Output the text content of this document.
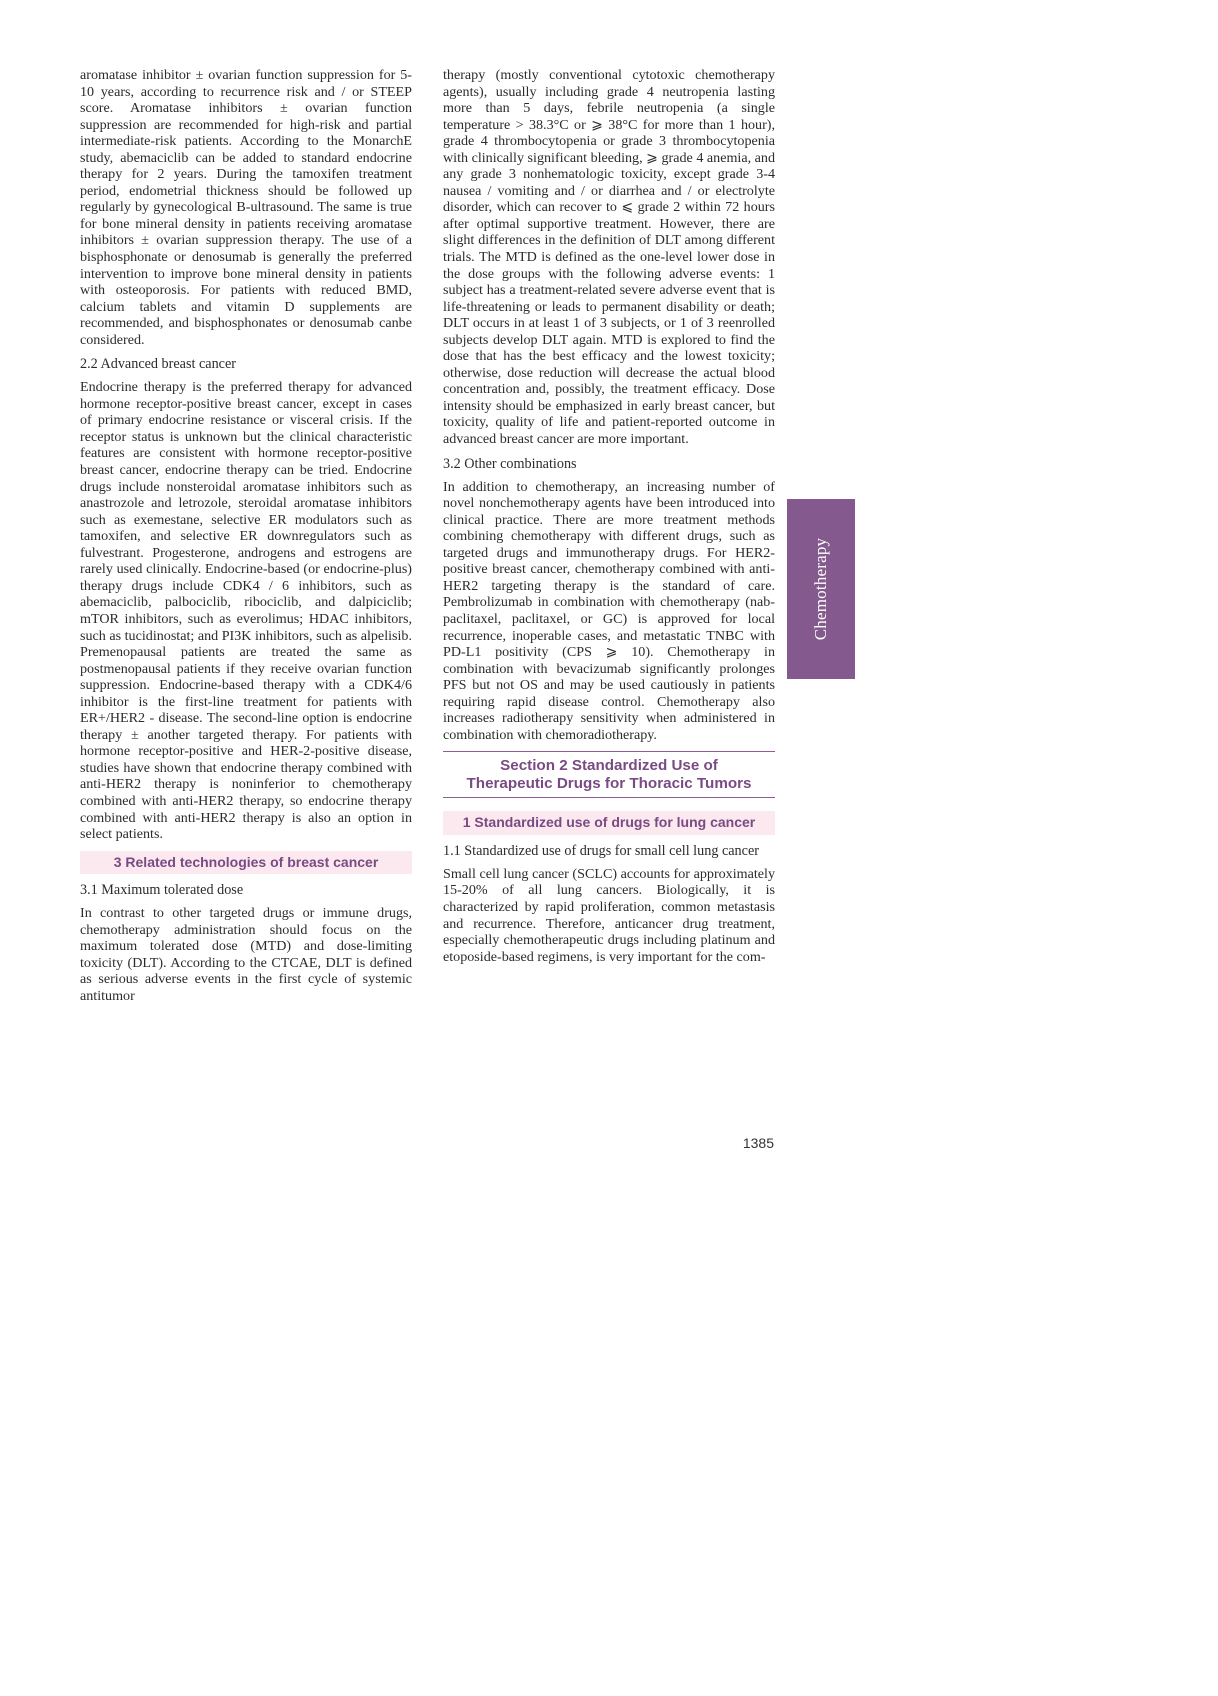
aromatase inhibitor ± ovarian function suppression for 5-10 years, according to recurrence risk and / or STEEP score. Aromatase inhibitors ± ovarian function suppression are recommended for high-risk and partial intermediate-risk patients. According to the MonarchE study, abemaciclib can be added to standard endocrine therapy for 2 years. During the tamoxifen treatment period, endometrial thickness should be followed up regularly by gynecological B-ultrasound. The same is true for bone mineral density in patients receiving aromatase inhibitors ± ovarian suppression therapy. The use of a bisphosphonate or denosumab is generally the preferred intervention to improve bone mineral density in patients with osteoporosis. For patients with reduced BMD, calcium tablets and vitamin D supplements are recommended, and bisphosphonates or denosumab canbe considered.

2.2 Advanced breast cancer

Endocrine therapy is the preferred therapy for advanced hormone receptor-positive breast cancer, except in cases of primary endocrine resistance or visceral crisis. If the receptor status is unknown but the clinical characteristic features are consistent with hormone receptor-positive breast cancer, endocrine therapy can be tried. Endocrine drugs include nonsteroidal aromatase inhibitors such as anastrozole and letrozole, steroidal aromatase inhibitors such as exemestane, selective ER modulators such as tamoxifen, and selective ER downregulators such as fulvestrant. Progesterone, androgens and estrogens are rarely used clinically. Endocrine-based (or endocrine-plus) therapy drugs include CDK4 / 6 inhibitors, such as abemaciclib, palbociclib, ribociclib, and dalpiciclib; mTOR inhibitors, such as everolimus; HDAC inhibitors, such as tucidinostat; and PI3K inhibitors, such as alpelisib. Premenopausal patients are treated the same as postmenopausal patients if they receive ovarian function suppression. Endocrine-based therapy with a CDK4/6 inhibitor is the first-line treatment for patients with ER+/HER2 - disease. The second-line option is endocrine therapy ± another targeted therapy. For patients with hormone receptor-positive and HER-2-positive disease, studies have shown that endocrine therapy combined with anti-HER2 therapy is noninferior to chemotherapy combined with anti-HER2 therapy, so endocrine therapy combined with anti-HER2 therapy is also an option in select patients.

3 Related technologies of breast cancer
3.1 Maximum tolerated dose

In contrast to other targeted drugs or immune drugs, chemotherapy administration should focus on the maximum tolerated dose (MTD) and dose-limiting toxicity (DLT). According to the CTCAE, DLT is defined as serious adverse events in the first cycle of systemic antitumor

therapy (mostly conventional cytotoxic chemotherapy agents), usually including grade 4 neutropenia lasting more than 5 days, febrile neutropenia (a single temperature > 38.3°C or ⩾ 38°C for more than 1 hour), grade 4 thrombocytopenia or grade 3 thrombocytopenia with clinically significant bleeding, ⩾ grade 4 anemia, and any grade 3 nonhematologic toxicity, except grade 3-4 nausea / vomiting and / or diarrhea and / or electrolyte disorder, which can recover to ⩽ grade 2 within 72 hours after optimal supportive treatment. However, there are slight differences in the definition of DLT among different trials. The MTD is defined as the one-level lower dose in the dose groups with the following adverse events: 1 subject has a treatment-related severe adverse event that is life-threatening or leads to permanent disability or death; DLT occurs in at least 1 of 3 subjects, or 1 of 3 reenrolled subjects develop DLT again. MTD is explored to find the dose that has the best efficacy and the lowest toxicity; otherwise, dose reduction will decrease the actual blood concentration and, possibly, the treatment efficacy. Dose intensity should be emphasized in early breast cancer, but toxicity, quality of life and patient-reported outcome in advanced breast cancer are more important.

3.2 Other combinations

In addition to chemotherapy, an increasing number of novel nonchemotherapy agents have been introduced into clinical practice. There are more treatment methods combining chemotherapy with different drugs, such as targeted drugs and immunotherapy drugs. For HER2-positive breast cancer, chemotherapy combined with anti-HER2 targeting therapy is the standard of care. Pembrolizumab in combination with chemotherapy (nab-paclitaxel, paclitaxel, or GC) is approved for local recurrence, inoperable cases, and metastatic TNBC with PD-L1 positivity (CPS ⩾ 10). Chemotherapy in combination with bevacizumab significantly prolonges PFS but not OS and may be used cautiously in patients requiring rapid disease control. Chemotherapy also increases radiotherapy sensitivity when administered in combination with chemoradiotherapy.

Section 2 Standardized Use of
Therapeutic Drugs for Thoracic Tumors
1 Standardized use of drugs for lung cancer
1.1 Standardized use of drugs for small cell lung cancer

Small cell lung cancer (SCLC) accounts for approximately 15-20% of all lung cancers. Biologically, it is characterized by rapid proliferation, common metastasis and recurrence. Therefore, anticancer drug treatment, especially chemotherapeutic drugs including platinum and etoposide-based regimens, is very important for the com-

Chemotherapy
1385
